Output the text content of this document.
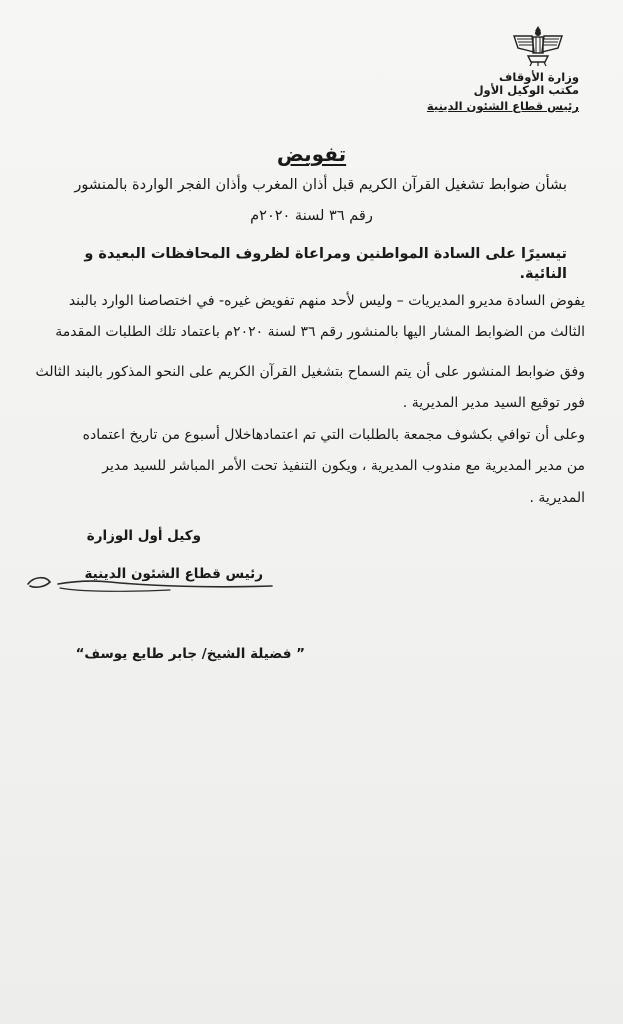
وزارة الأوقاف
مكتب الوكيل الأول
رئيس قطاع الشئون الدينية
تفويض
بشأن ضوابط تشغيل القرآن الكريم قبل أذان المغرب وأذان الفجر الواردة بالمنشور
رقم ٣٦ لسنة ٢٠٢٠م
تيسيرًا على السادة المواطنين ومراعاة لظروف المحافظات البعيدة و النائية.
يفوض السادة مديرو المديريات – وليس لأحد منهم تفويض غيره- في اختصاصنا الوارد بالبند
الثالث من الضوابط المشار اليها بالمنشور رقم ٣٦ لسنة ٢٠٢٠م باعتماد تلك الطلبات المقدمة
وفق ضوابط المنشور على أن يتم السماح بتشغيل القرآن الكريم على النحو المذكور بالبند الثالث
فور توقيع السيد مدير المديرية .
وعلى أن توافي بكشوف مجمعة بالطلبات التي تم اعتمادهاخلال أسبوع من تاريخ اعتماده
من مدير المديرية مع مندوب المديرية ، ويكون التنفيذ تحت الأمر المباشر للسيد مدير
المديرية .
وكيل أول الوزارة
رئيس قطاع الشئون الدينية
” فضيلة الشيخ/ جابر طايع يوسف“
